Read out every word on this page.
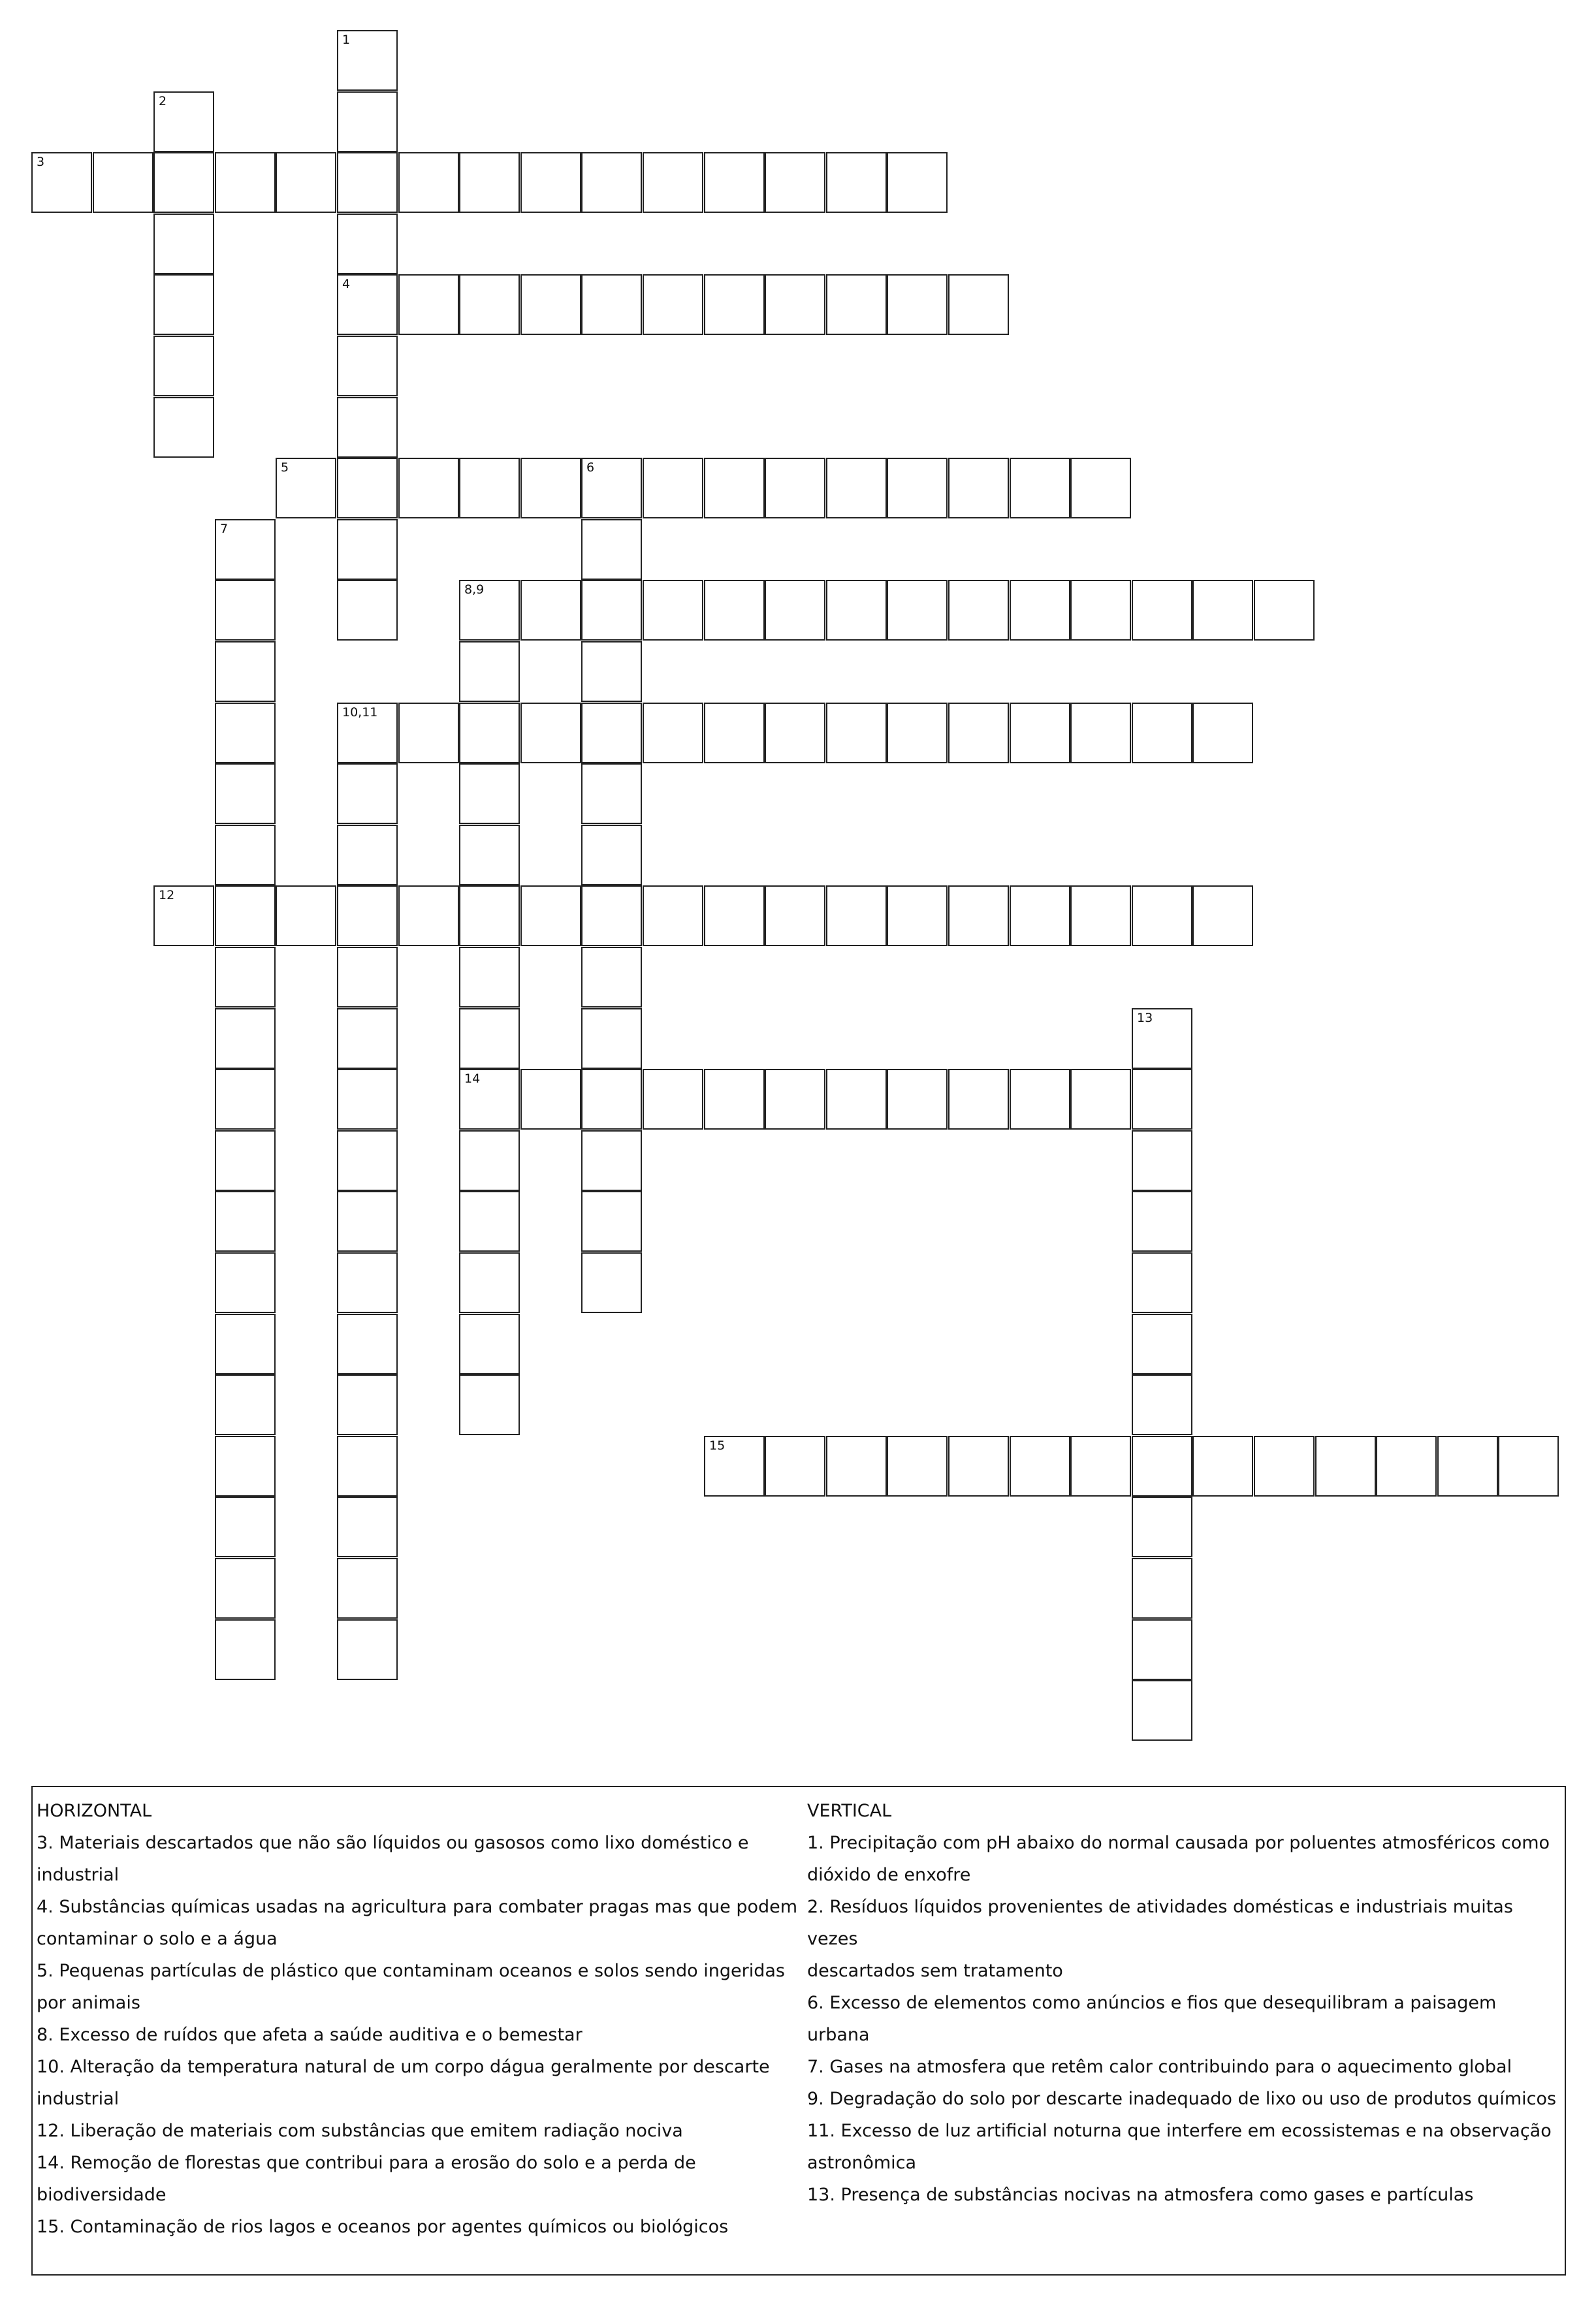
3
4
5	6
8,9
10,11
12
14
15
1
2
7
13
HORIZONTAL
3. Materiais descartados que não são líquidos ou gasosos como lixo doméstico e
industrial
4. Substâncias químicas usadas na agricultura para combater pragas mas que podem
contaminar o solo e a água
5. Pequenas partículas de plástico que contaminam oceanos e solos sendo ingeridas
por animais
8. Excesso de ruídos que afeta a saúde auditiva e o bemestar
10. Alteração da temperatura natural de um corpo dágua geralmente por descarte
industrial
12. Liberação de materiais com substâncias que emitem radiação nociva
14. Remoção de florestas que contribui para a erosão do solo e a perda de
biodiversidade
15. Contaminação de rios lagos e oceanos por agentes químicos ou biológicos
VERTICAL
1. Precipitação com pH abaixo do normal causada por poluentes atmosféricos como
dióxido de enxofre
2. Resíduos líquidos provenientes de atividades domésticas e industriais muitas vezes
descartados sem tratamento
6. Excesso de elementos como anúncios e fios que desequilibram a paisagem urbana
7. Gases na atmosfera que retêm calor contribuindo para o aquecimento global
9. Degradação do solo por descarte inadequado de lixo ou uso de produtos químicos
11. Excesso de luz artificial noturna que interfere em ecossistemas e na observação
astronômica
13. Presença de substâncias nocivas na atmosfera como gases e partículas
